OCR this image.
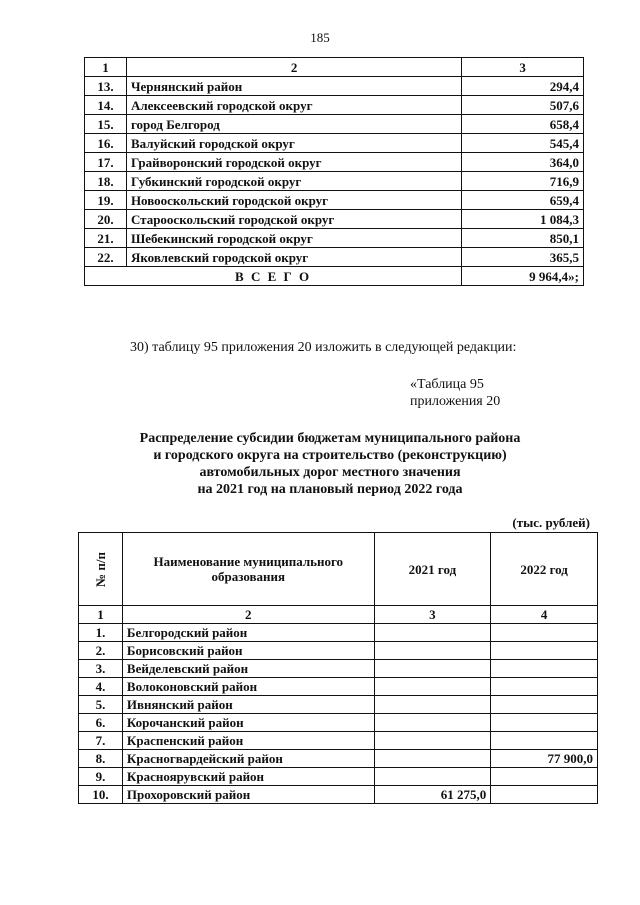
185
1	2	3
13.	Чернянский район	294,4
14.	Алексеевский городской округ	507,6
15.	город Белгород	658,4
16.	Валуйский городской округ	545,4
17.	Грайворонский городской округ	364,0
18.	Губкинский городской округ	716,9
19.	Новооскольский городской округ	659,4
20.	Старооскольский городской округ	1 084,3
21.	Шебекинский городской округ	850,1
22.	Яковлевский городской округ	365,5
В С Е Г О		9 964,4»;
30) таблицу 95 приложения 20 изложить в следующей редакции:
«Таблица 95
приложения 20
Распределение субсидии бюджетам муниципального района
и городского округа на строительство (реконструкцию)
автомобильных дорог местного значения
на 2021 год на плановый период 2022 года
(тыс. рублей)
№ п/п	Наименование муниципального
образования	2021 год	2022 год
1	2	3	4
1.	Белгородский район		
2.	Борисовский район		
3.	Вейделевский район		
4.	Волоконовский район		
5.	Ивнянский район		
6.	Корочанский район		
7.	Краспенский район		
8.	Красногвардейский район		77 900,0
9.	Красноярувский район		
10.	Прохоровский район	61 275,0	
